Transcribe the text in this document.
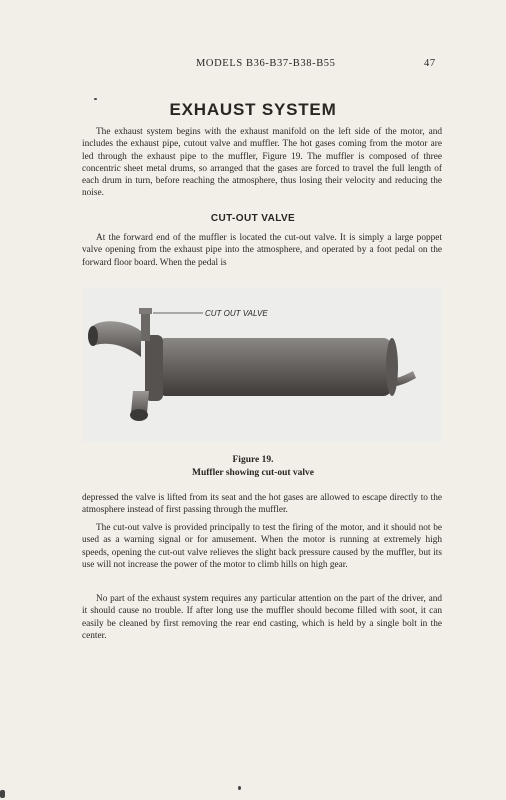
MODELS B36-B37-B38-B55	47
EXHAUST SYSTEM

The exhaust system begins with the exhaust manifold on the left side of the motor, and includes the exhaust pipe, cutout valve and muffler. The hot gases coming from the motor are led through the exhaust pipe to the muffler, Figure 19. The muffler is composed of three concentric sheet metal drums, so arranged that the gases are forced to travel the full length of each drum in turn, before reaching the atmosphere, thus losing their velocity and reducing the noise.

CUT-OUT VALVE

At the forward end of the muffler is located the cut-out valve. It is simply a large poppet valve opening from the exhaust pipe into the atmosphere, and operated by a foot pedal on the forward floor board. When the pedal is

CUT OUT VALVE
Figure 19.
Muffler showing cut-out valve

depressed the valve is lifted from its seat and the hot gases are allowed to escape directly to the atmosphere instead of first passing through the muffler.

The cut-out valve is provided principally to test the firing of the motor, and it should not be used as a warning signal or for amusement. When the motor is running at extremely high speeds, opening the cut-out valve relieves the slight back pressure caused by the muffler, but its use will not increase the power of the motor to climb hills on high gear.

No part of the exhaust system requires any particular attention on the part of the driver, and it should cause no trouble. If after long use the muffler should become filled with soot, it can easily be cleaned by first removing the rear end casting, which is held by a single bolt in the center.
